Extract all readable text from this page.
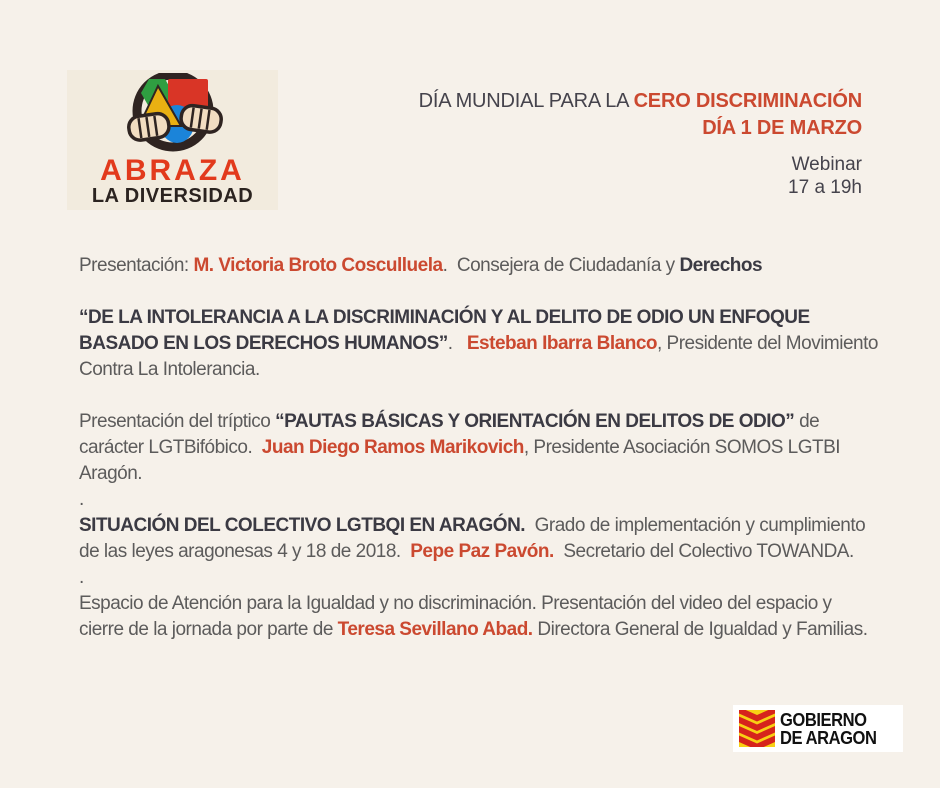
ABRAZA
LA DIVERSIDAD
DÍA MUNDIAL PARA LA CERO DISCRIMINACIÓN
DÍA 1 DE MARZO
Webinar
17 a 19h

Presentación: M. Victoria Broto Cosculluela.  Consejera de Ciudadanía y Derechos

“DE LA INTOLERANCIA A LA DISCRIMINACIÓN Y AL DELITO DE ODIO UN ENFOQUE BASADO EN LOS DERECHOS HUMANOS”.   Esteban Ibarra Blanco, Presidente del Movimiento Contra La Intolerancia.

Presentación del tríptico “PAUTAS BÁSICAS Y ORIENTACIÓN EN DELITOS DE ODIO” de carácter LGTBifóbico.  Juan Diego Ramos Marikovich, Presidente Asociación SOMOS LGTBI Aragón.

.

SITUACIÓN DEL COLECTIVO LGTBQI EN ARAGÓN.  Grado de implementación y cumplimiento de las leyes aragonesas 4 y 18 de 2018.  Pepe Paz Pavón.  Secretario del Colectivo TOWANDA.

.

Espacio de Atención para la Igualdad y no discriminación. Presentación del video del espacio y cierre de la jornada por parte de Teresa Sevillano Abad. Directora General de Igualdad y Familias.

GOBIERNO
DE ARAGON
